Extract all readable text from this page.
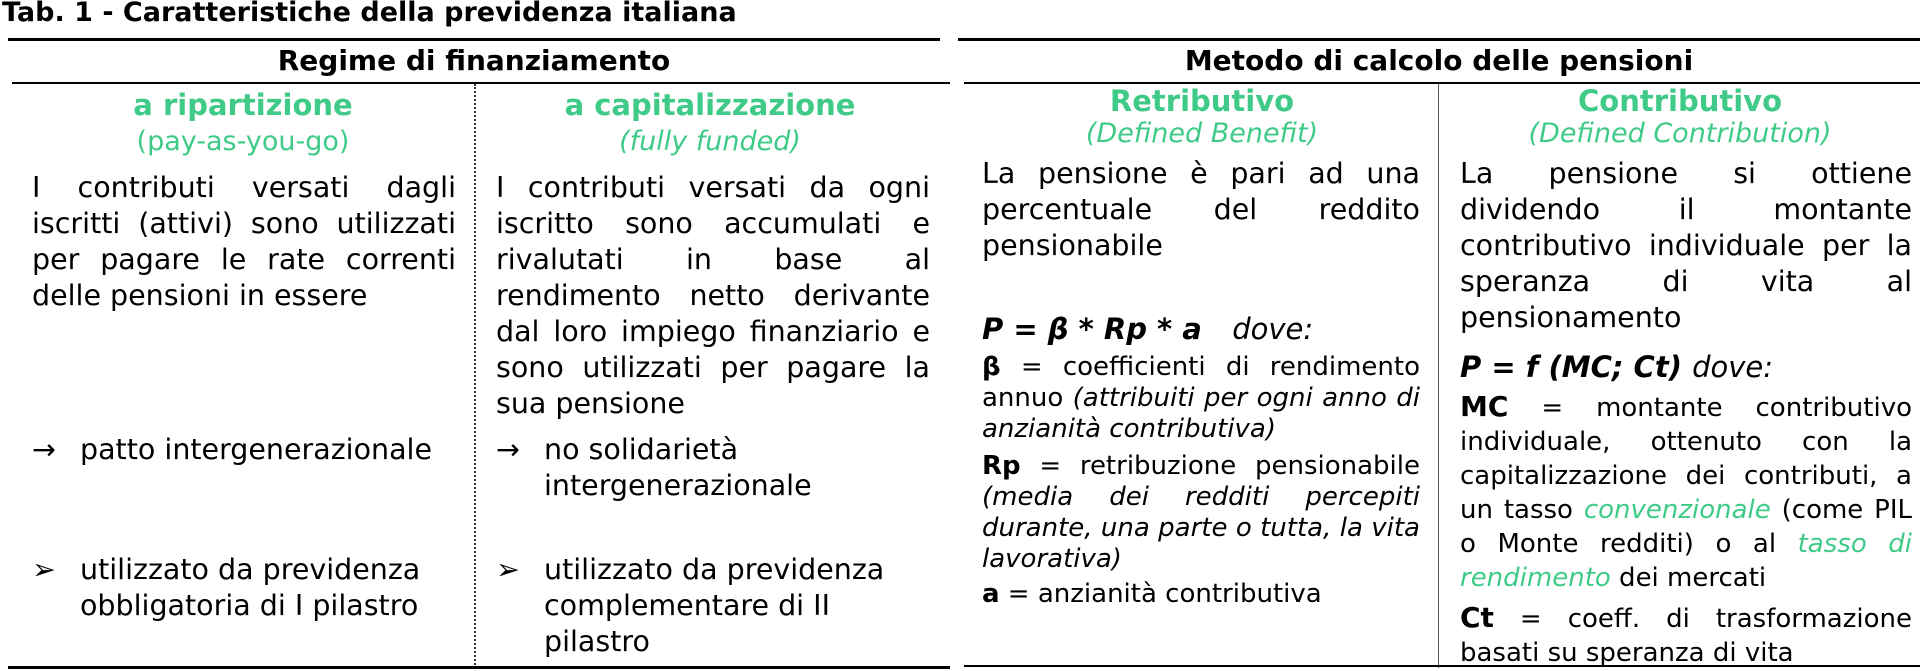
Tab. 1 - Caratteristiche della previdenza italiana
Regime di finanziamento	Metodo di calcolo delle pensioni
a ripartizione
(pay-as-you-go)
I contributi versati dagli iscritti (attivi) sono utilizzati per pagare le rate correnti delle pensioni in essere
→ patto intergenerazionale
➢ utilizzato da previdenza obbligatoria di I pilastro
a capitalizzazione
(fully funded)
I contributi versati da ogni iscritto sono accumulati e rivalutati in base al rendimento netto derivante dal loro impiego finanziario e sono utilizzati per pagare la sua pensione
→ no solidarietà intergenerazionale
➢ utilizzato da previdenza complementare di II pilastro
Retributivo
(Defined Benefit)
La pensione è pari ad una percentuale del reddito pensionabile
P = β * Rp * a dove:
β = coefficienti di rendimento annuo (attribuiti per ogni anno di anzianità contributiva)
Rp = retribuzione pensionabile (media dei redditi percepiti durante, una parte o tutta, la vita lavorativa)
a = anzianità contributiva
Contributivo
(Defined Contribution)
La pensione si ottiene dividendo il montante contributivo individuale per la speranza di vita al pensionamento
P = f (MC; Ct) dove:
MC = montante contributivo individuale, ottenuto con la capitalizzazione dei contributi, a un tasso convenzionale (come PIL o Monte redditi) o al tasso di rendimento dei mercati
Ct = coeff. di trasformazione basati su speranza di vita
